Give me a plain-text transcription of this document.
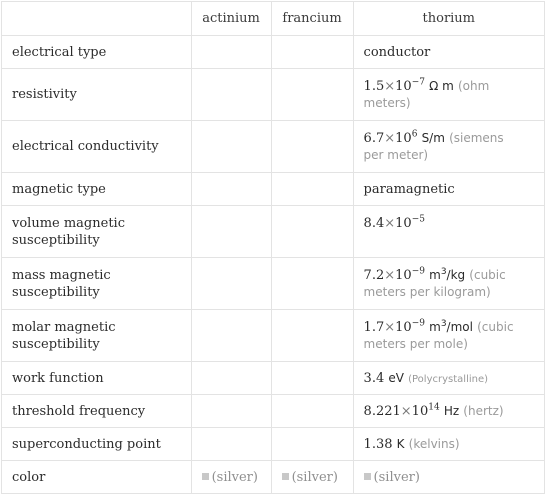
	actinium	francium	thorium
electrical type			conductor
resistivity			$1.5\times 10^{-7}$ Ω m (ohm
meters)

electrical conductivity			$6.7\times 10^6$ S/m (siemens
per meter)

magnetic type			paramagnetic

volume magnetic
susceptibility			$8.4\times 10^{-5}$

mass magnetic
susceptibility			$7.2\times 10^{-9}$ $m^3/kg$ (cubic
meters per kilogram)

molar magnetic
susceptibility			$1.7\times 10^{-9}$ $m^3$/mol (cubic
meters per mole)

work function			3.4 eV (Polycrystalline)
threshold frequency			$8.221\times 10^{14}$ Hz (hertz)
superconducting point			1.38 K (kelvins)
color	(silver)	(silver)	(silver)
